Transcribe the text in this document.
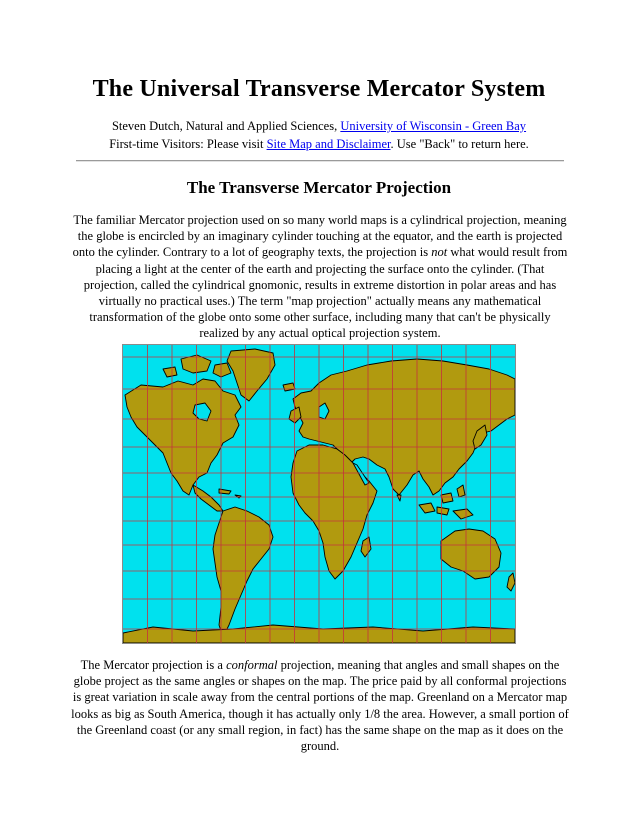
The Universal Transverse Mercator System
Steven Dutch, Natural and Applied Sciences, University of Wisconsin - Green Bay
First-time Visitors: Please visit Site Map and Disclaimer. Use "Back" to return here.
The Transverse Mercator Projection

The familiar Mercator projection used on so many world maps is a cylindrical projection, meaning the globe is encircled by an imaginary cylinder touching at the equator, and the earth is projected onto the cylinder. Contrary to a lot of geography texts, the projection is not what would result from placing a light at the center of the earth and projecting the surface onto the cylinder. (That projection, called the cylindrical gnomonic, results in extreme distortion in polar areas and has virtually no practical uses.) The term "map projection" actually means any mathematical transformation of the globe onto some other surface, including many that can't be physically realized by any actual optical projection system.

The Mercator projection is a conformal projection, meaning that angles and small shapes on the globe project as the same angles or shapes on the map. The price paid by all conformal projections is great variation in scale away from the central portions of the map. Greenland on a Mercator map looks as big as South America, though it has actually only 1/8 the area. However, a small portion of the Greenland coast (or any small region, in fact) has the same shape on the map as it does on the ground.
